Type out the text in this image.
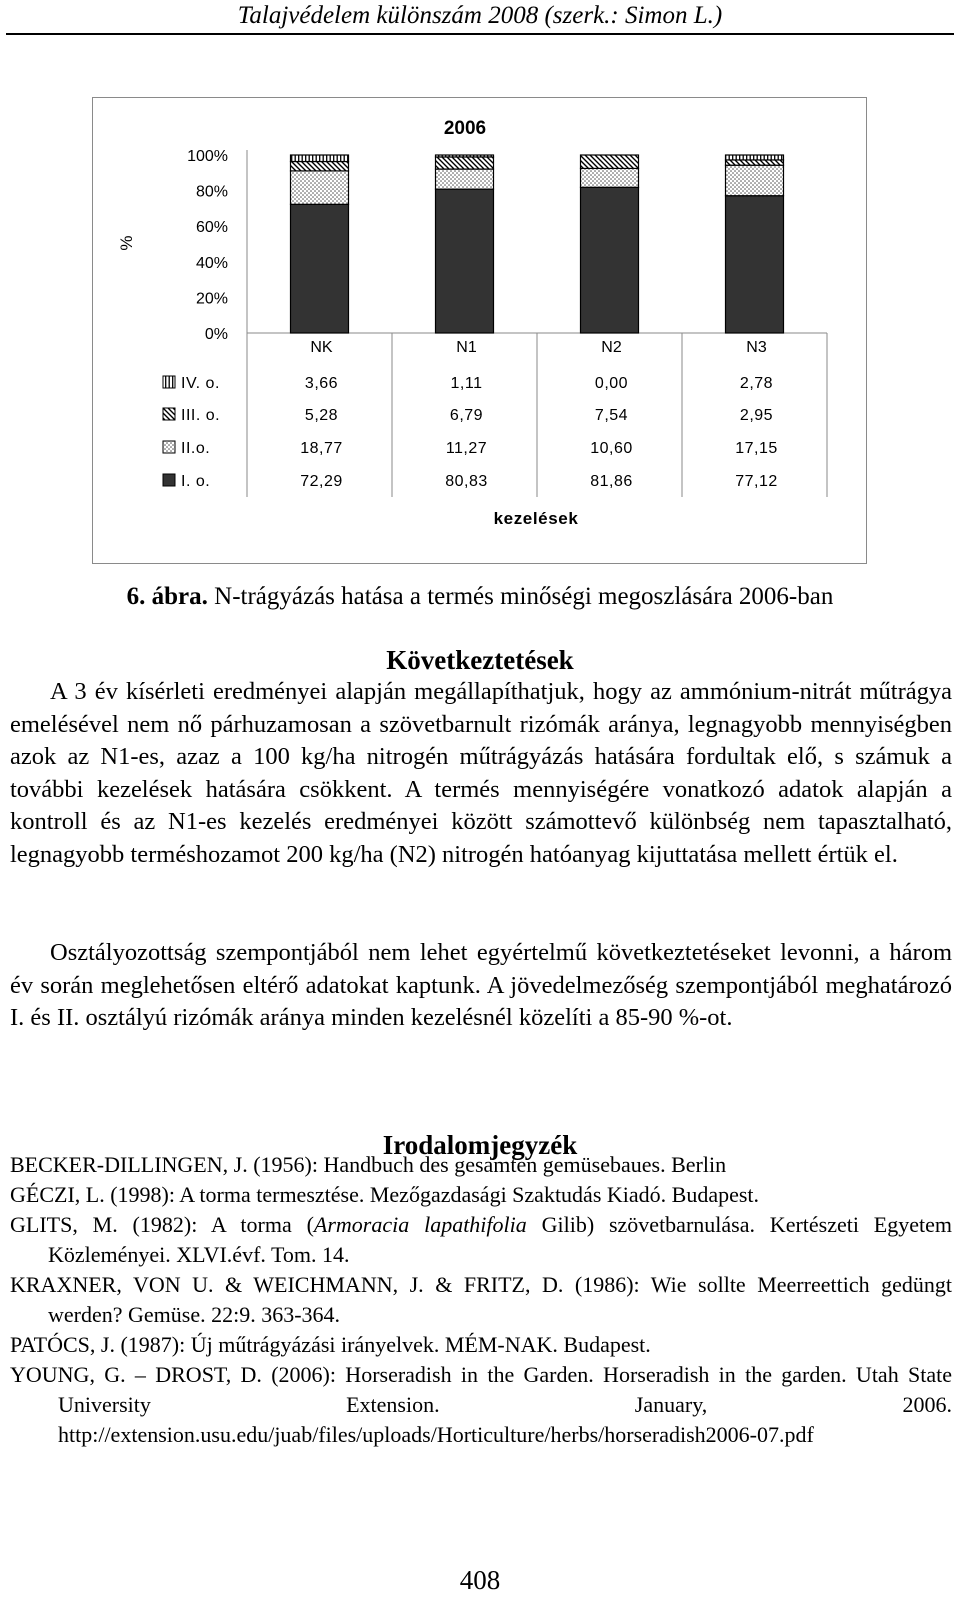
Talajvédelem különszám 2008 (szerk.: Simon L.)
2006
%
kezelések
0%
20%
40%
60%
80%
100%
NK	N1	N2	N3
IV. o.	3,66	1,11	0,00	2,78
III. o.	5,28	6,79	7,54	2,95
II.o.	18,77	11,27	10,60	17,15
I. o.	72,29	80,83	81,86	77,12
6. ábra. N-trágyázás hatása a termés minőségi megoszlására 2006-ban
Következtetések

A 3 év kísérleti eredményei alapján megállapíthatjuk, hogy az ammónium-nitrát műtrágya emelésével nem nő párhuzamosan a szövetbarnult rizómák aránya, legnagyobb mennyiségben azok az N1-es, azaz a 100 kg/ha nitrogén műtrágyázás hatására fordultak elő, s számuk a további kezelések hatására csökkent. A termés mennyiségére vonatkozó adatok alapján a kontroll és az N1-es kezelés eredményei között számottevő különbség nem tapasztalható, legnagyobb terméshozamot 200 kg/ha (N2) nitrogén hatóanyag kijuttatása mellett értük el.

Osztályozottság szempontjából nem lehet egyértelmű következtetéseket levonni, a három év során meglehetősen eltérő adatokat kaptunk. A jövedelmezőség szempontjából meghatározó I. és II. osztályú rizómák aránya minden kezelésnél közelíti a 85-90 %-ot.

Irodalomjegyzék
BECKER-DILLINGEN, J. (1956): Handbuch des gesamten gemüsebaues. Berlin
GÉCZI, L. (1998): A torma termesztése. Mezőgazdasági Szaktudás Kiadó. Budapest.
GLITS, M. (1982): A torma (Armoracia lapathifolia Gilib) szövetbarnulása. Kertészeti Egyetem Közleményei. XLVI.évf. Tom. 14.
KRAXNER, VON U. & WEICHMANN, J. & FRITZ, D. (1986): Wie sollte Meerreettich gedüngt werden? Gemüse. 22:9. 363-364.
PATÓCS, J. (1987): Új műtrágyázási irányelvek. MÉM-NAK. Budapest.
YOUNG, G. – DROST, D. (2006): Horseradish in the Garden. Horseradish in the garden. Utah State University Extension. January, 2006. http://extension.usu.edu/juab/files/uploads/Horticulture/herbs/horseradish2006-07.pdf
408
